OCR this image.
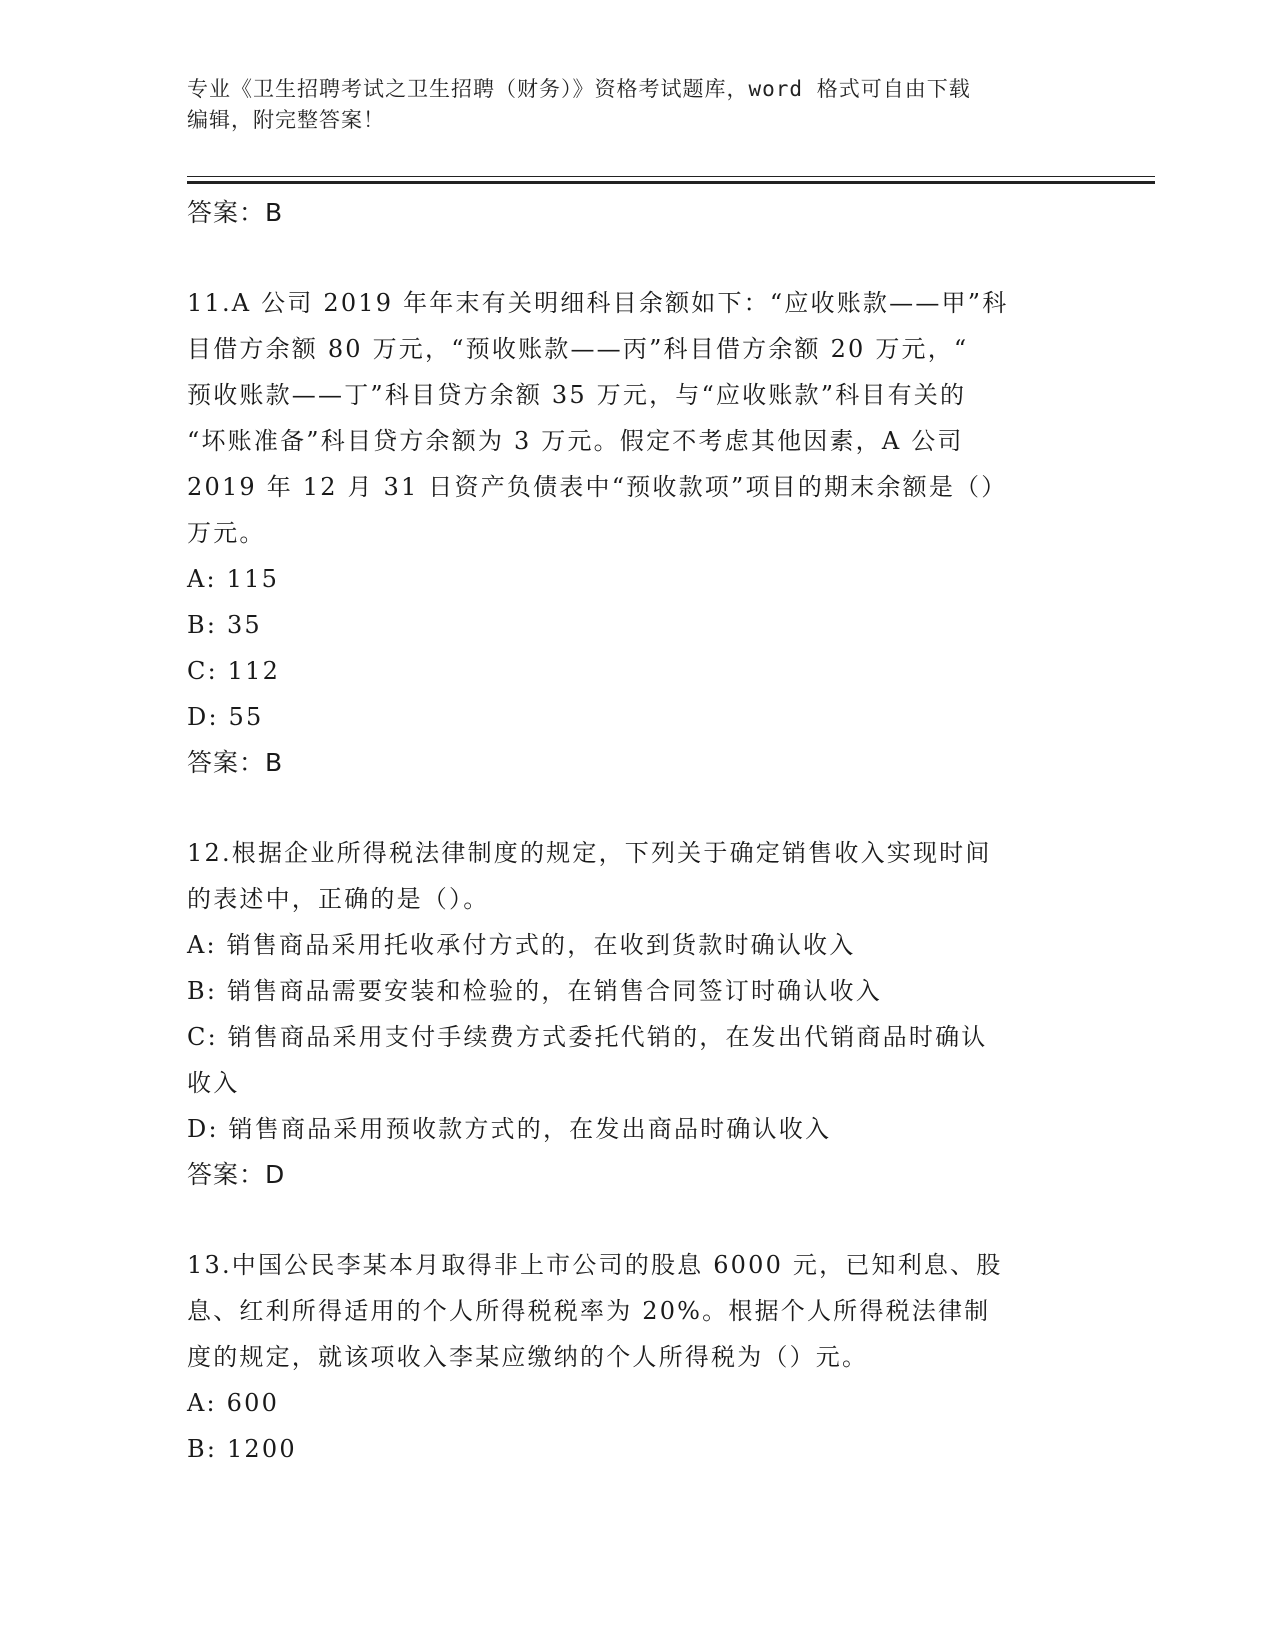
专业《卫生招聘考试之卫生招聘（财务）》资格考试题库，word 格式可自由下载
编辑，附完整答案！
答案：B
11.A 公司 2019 年年末有关明细科目余额如下：“应收账款——甲”科
目借方余额 80 万元，“预收账款——丙”科目借方余额 20 万元，“
预收账款——丁”科目贷方余额 35 万元，与“应收账款”科目有关的
“坏账准备”科目贷方余额为 3 万元。假定不考虑其他因素，A 公司
2019 年 12 月 31 日资产负债表中“预收款项”项目的期末余额是（）
万元。
A: 115
B: 35
C: 112
D: 55
答案：B
12.根据企业所得税法律制度的规定，下列关于确定销售收入实现时间
的表述中，正确的是（）。
A: 销售商品采用托收承付方式的，在收到货款时确认收入
B: 销售商品需要安装和检验的，在销售合同签订时确认收入
C: 销售商品采用支付手续费方式委托代销的，在发出代销商品时确认
收入
D: 销售商品采用预收款方式的，在发出商品时确认收入
答案：D
13.中国公民李某本月取得非上市公司的股息 6000 元，已知利息、股
息、红利所得适用的个人所得税税率为 20%。根据个人所得税法律制
度的规定，就该项收入李某应缴纳的个人所得税为（）元。
A: 600
B: 1200
